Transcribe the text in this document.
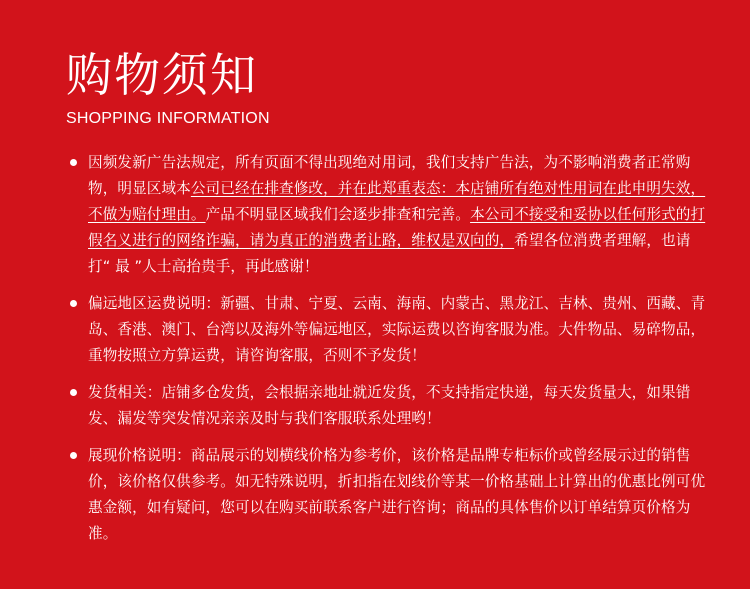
购物须知
SHOPPING INFORMATION
因频发新广告法规定，所有页面不得出现绝对用词，我们支持广告法，为不影响消费者正常购物，明显区域本公司已经在排查修改，并在此郑重表态：本店铺所有绝对性用词在此申明失效，不做为赔付理由。产品不明显区域我们会逐步排查和完善。本公司不接受和妥协以任何形式的打假名义进行的网络诈骗，请为真正的消费者让路，维权是双向的，希望各位消费者理解，也请打“ 最 ”人士高抬贵手，再此感谢！
偏远地区运费说明：新疆、甘肃、宁夏、云南、海南、内蒙古、黑龙江、吉林、贵州、西藏、青岛、香港、澳门、台湾以及海外等偏远地区，实际运费以咨询客服为准。大件物品、易碎物品，重物按照立方算运费，请咨询客服，否则不予发货！
发货相关：店铺多仓发货，会根据亲地址就近发货，不支持指定快递，每天发货量大，如果错发、漏发等突发情况亲亲及时与我们客服联系处理哟！
展现价格说明：商品展示的划横线价格为参考价，该价格是品牌专柜标价或曾经展示过的销售价，该价格仅供参考。如无特殊说明，折扣指在划线价等某一价格基础上计算出的优惠比例可优惠金额，如有疑问，您可以在购买前联系客户进行咨询；商品的具体售价以订单结算页价格为准。
